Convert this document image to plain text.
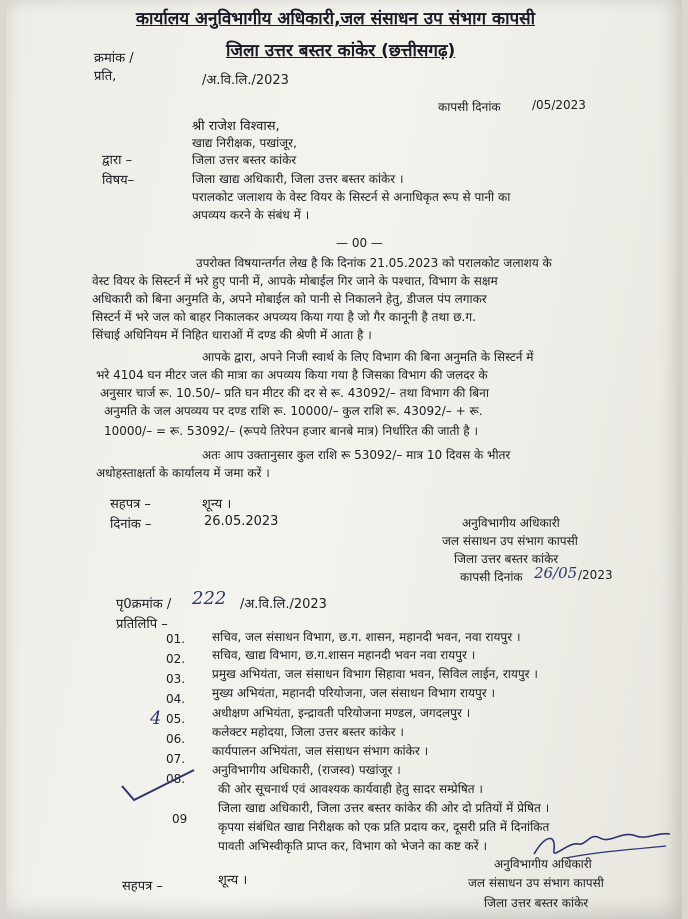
कार्यालय अनुविभागीय अधिकारी,जल संसाधन उप संभाग कापसी
जिला उत्तर बस्तर कांकेर (छत्तीसगढ़)
क्रमांक /
प्रति,	/अ.वि.लि./2023
कापसी दिनांक	/05/2023
श्री राजेश विश्वास,
खाद्य निरीक्षक, पखांजूर,
जिला उत्तर बस्तर कांकेर
द्वारा –
जिला खाद्य अधिकारी, जिला उत्तर बस्तर कांकेर ।
विषय–
परालकोट जलाशय के वेस्ट वियर के सिस्टर्न से अनाधिकृत रूप से पानी का
अपव्यय करने के संबंध में ।
— 00 —
उपरोक्त विषयान्तर्गत लेख है कि दिनांक 21.05.2023 को परालकोट जलाशय के
वेस्ट वियर के सिस्टर्न में भरे हुए पानी में, आपके मोबाईल गिर जाने के पश्चात, विभाग के सक्षम
अधिकारी को बिना अनुमति के, अपने मोबाईल को पानी से निकालने हेतु, डीजल पंप लगाकर
सिस्टर्न में भरे जल को बाहर निकालकर अपव्यय किया गया है जो गैर कानूनी है तथा छ.ग.
सिंचाई अधिनियम में निहित धाराओं में दण्ड की श्रेणी में आता है ।
आपके द्वारा, अपने निजी स्वार्थ के लिए विभाग की बिना अनुमति के सिस्टर्न में
भरे 4104 घन मीटर जल की मात्रा का अपव्यय किया गया है जिसका विभाग की जलदर के
अनुसार चार्ज रू. 10.50/– प्रति घन मीटर की दर से रू. 43092/– तथा विभाग की बिना
अनुमति के जल अपव्यय पर दण्ड राशि रू. 10000/– कुल राशि रू. 43092/– + रू.
10000/– = रू. 53092/– (रूपये तिरेपन हजार बानबे मात्र) निर्धारित की जाती है ।
अतः आप उक्तानुसार कुल राशि रू 53092/– मात्र 10 दिवस के भीतर
अधोहस्ताक्षर्ता के कार्यालय में जमा करें ।
सहपत्र –	शून्य ।
दिनांक –	26.05.2023	अनुविभागीय अधिकारी
जल संसाधन उप संभाग कापसी
जिला उत्तर बस्तर कांकेर
कापसी दिनांक 26/05 /2023
पृ0क्रमांक / 222 /अ.वि.लि./2023
प्रतिलिपि –
01. सचिव, जल संसाधन विभाग, छ.ग. शासन, महानदी भवन, नवा रायपुर ।
02. सचिव, खाद्य विभाग, छ.ग.शासन महानदी भवन नवा रायपुर ।
03. प्रमुख अभियंता, जल संसाधन विभाग सिहावा भवन, सिविल लाईन, रायपुर ।
04. मुख्य अभियंता, महानदी परियोजना, जल संसाधन विभाग रायपुर ।
4 05. अधीक्षण अभियंता, इन्द्रावती परियोजना मण्डल, जगदलपुर ।
06. कलेक्टर महोदया, जिला उत्तर बस्तर कांकेर ।
07.
कार्यपालन अभियंता, जल संसाधन संभाग कांकेर ।
08.
अनुविभागीय अधिकारी, (राजस्व) पखांजूर ।
की ओर सूचनार्थ एवं आवश्यक कार्यवाही हेतु सादर सम्प्रेषित ।
जिला खाद्य अधिकारी, जिला उत्तर बस्तर कांकेर की ओर दो प्रतियों में प्रेषित ।
09
कृपया संबंधित खाद्य निरीक्षक को एक प्रति प्रदाय कर, दूसरी प्रति में दिनांकित
पावती अभिस्वीकृति प्राप्त कर, विभाग को भेजने का कष्ट करें ।
सहपत्र –	शून्य ।
अनुविभागीय अधिकारी
जल संसाधन उप संभाग कापसी
जिला उत्तर बस्तर कांकेर
